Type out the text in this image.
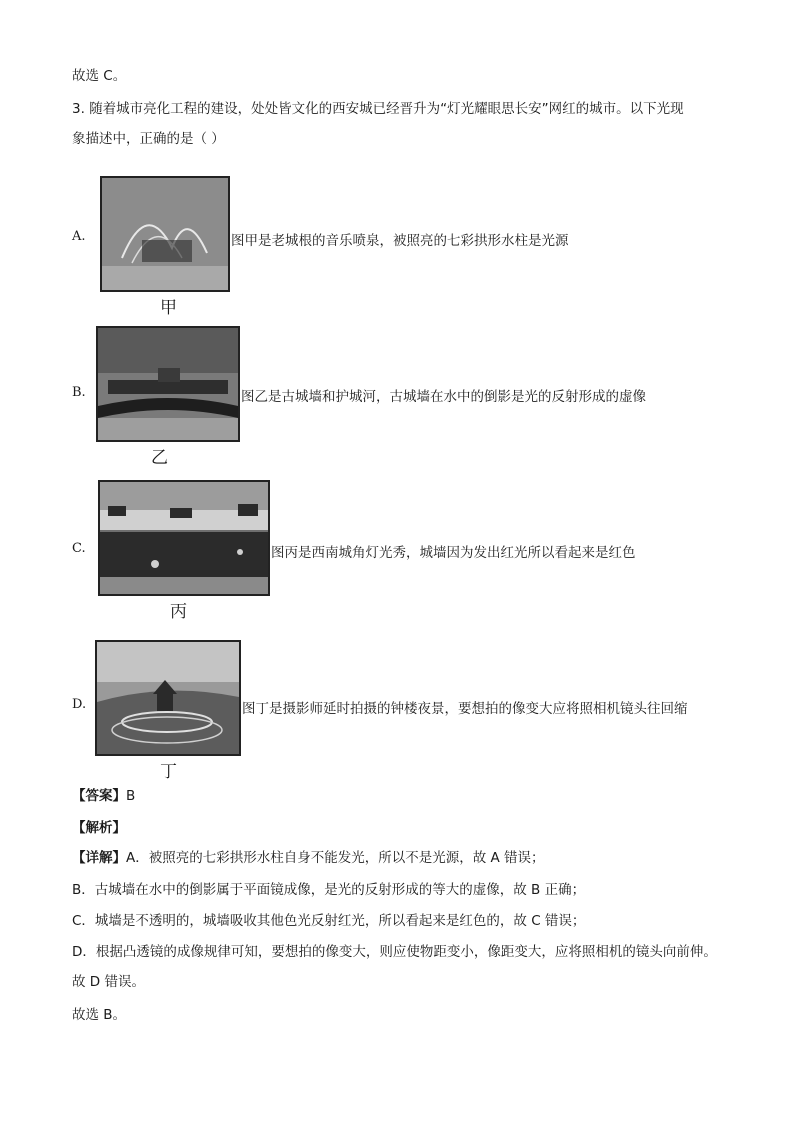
故选 C。
3. 随着城市亮化工程的建设，处处皆文化的西安城已经晋升为“灯光耀眼思长安”网红的城市。以下光现
象描述中，正确的是（ ）
A.
甲
图甲是老城根的音乐喷泉，被照亮的七彩拱形水柱是光源
B.
乙
图乙是古城墙和护城河，古城墙在水中的倒影是光的反射形成的虚像
C.
丙
图丙是西南城角灯光秀，城墙因为发出红光所以看起来是红色
D.
丁
图丁是摄影师延时拍摄的钟楼夜景，要想拍的像变大应将照相机镜头往回缩
【答案】B
【解析】
【详解】A．被照亮的七彩拱形水柱自身不能发光，所以不是光源，故 A 错误；
B．古城墙在水中的倒影属于平面镜成像，是光的反射形成的等大的虚像，故 B 正确；
C．城墙是不透明的，城墙吸收其他色光反射红光，所以看起来是红色的，故 C 错误；
D．根据凸透镜的成像规律可知，要想拍的像变大，则应使物距变小，像距变大，应将照相机的镜头向前伸。
故 D 错误。
故选 B。
